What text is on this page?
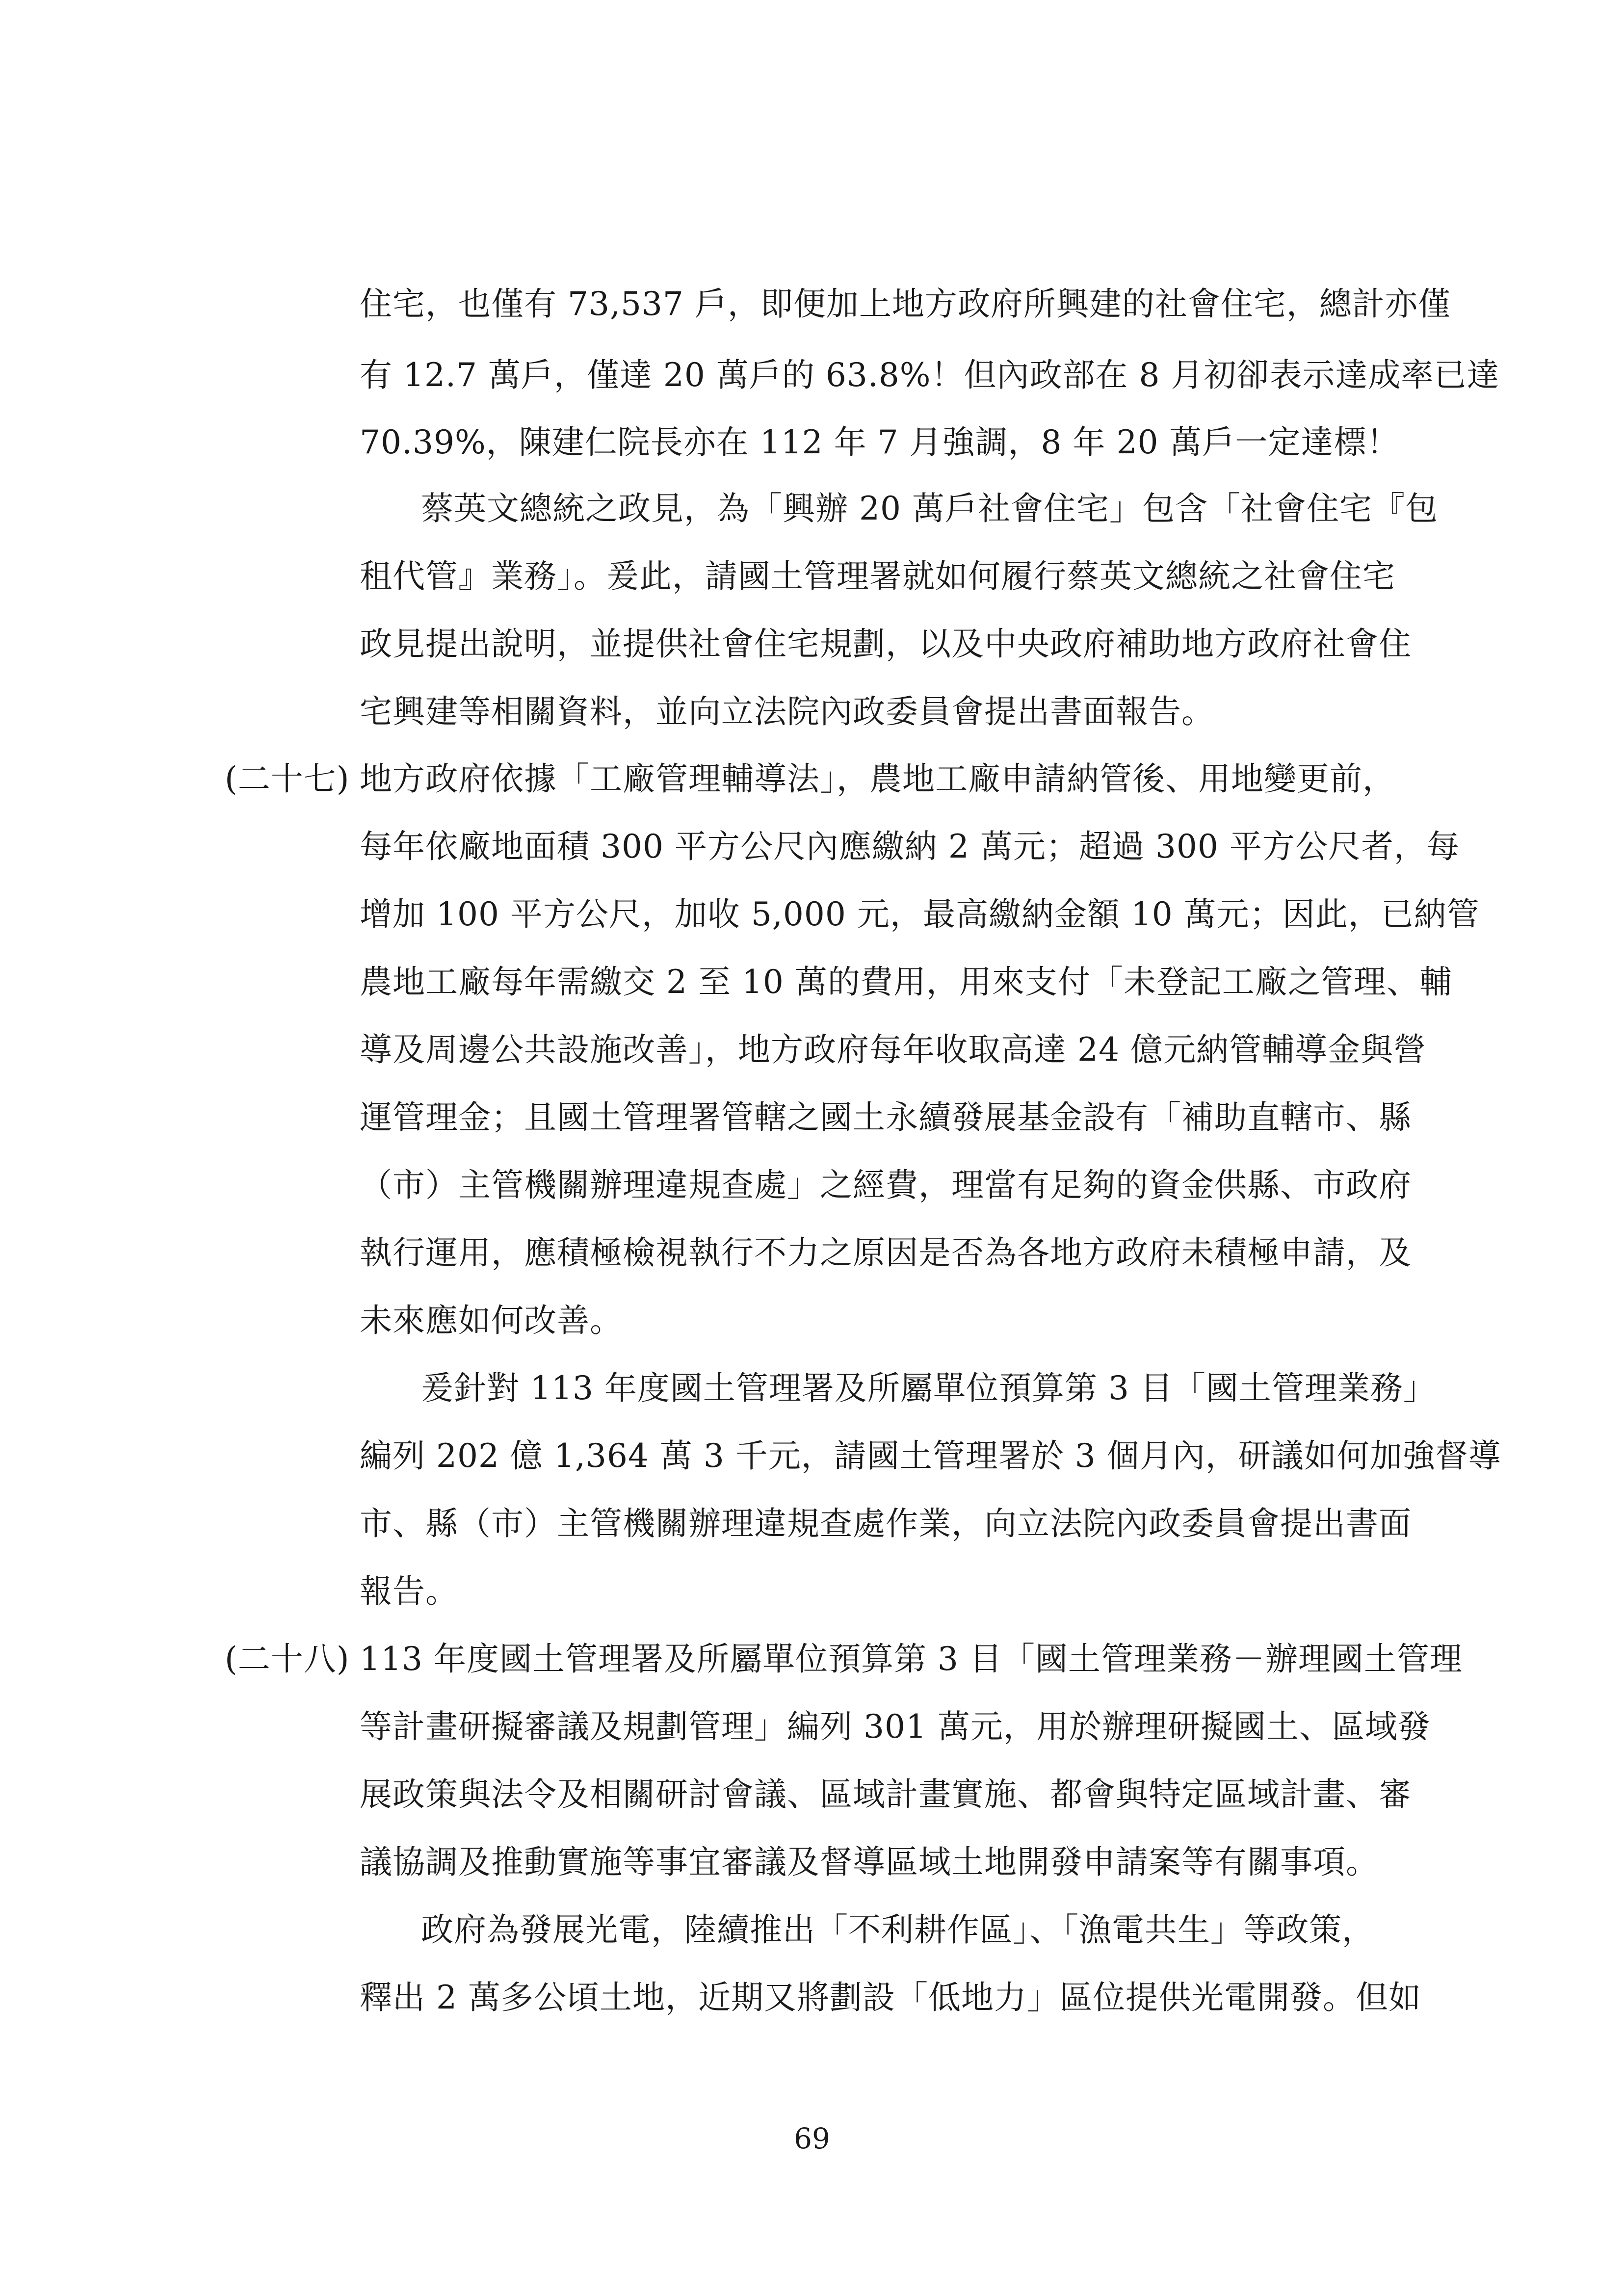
住宅，也僅有 73,537 戶，即便加上地方政府所興建的社會住宅，總計亦僅
有 12.7 萬戶，僅達 20 萬戶的 63.8%！但內政部在 8 月初卻表示達成率已達
70.39%，陳建仁院長亦在 112 年 7 月強調，8 年 20 萬戶一定達標！
蔡英文總統之政見，為「興辦 20 萬戶社會住宅」包含「社會住宅『包
租代管』業務」。爰此，請國土管理署就如何履行蔡英文總統之社會住宅
政見提出說明，並提供社會住宅規劃，以及中央政府補助地方政府社會住
宅興建等相關資料，並向立法院內政委員會提出書面報告。
(二十七) 地方政府依據「工廠管理輔導法」，農地工廠申請納管後、用地變更前，
每年依廠地面積 300 平方公尺內應繳納 2 萬元；超過 300 平方公尺者，每
增加 100 平方公尺，加收 5,000 元，最高繳納金額 10 萬元；因此，已納管
農地工廠每年需繳交 2 至 10 萬的費用，用來支付「未登記工廠之管理、輔
導及周邊公共設施改善」，地方政府每年收取高達 24 億元納管輔導金與營
運管理金；且國土管理署管轄之國土永續發展基金設有「補助直轄市、縣
（市）主管機關辦理違規查處」之經費，理當有足夠的資金供縣、市政府
執行運用，應積極檢視執行不力之原因是否為各地方政府未積極申請，及
未來應如何改善。
爰針對 113 年度國土管理署及所屬單位預算第 3 目「國土管理業務」
編列 202 億 1,364 萬 3 千元，請國土管理署於 3 個月內，研議如何加強督導
市、縣（市）主管機關辦理違規查處作業，向立法院內政委員會提出書面
報告。
(二十八) 113 年度國土管理署及所屬單位預算第 3 目「國土管理業務－辦理國土管理
等計畫研擬審議及規劃管理」編列 301 萬元，用於辦理研擬國土、區域發
展政策與法令及相關研討會議、區域計畫實施、都會與特定區域計畫、審
議協調及推動實施等事宜審議及督導區域土地開發申請案等有關事項。
政府為發展光電，陸續推出「不利耕作區」、「漁電共生」等政策，
釋出 2 萬多公頃土地，近期又將劃設「低地力」區位提供光電開發。但如
69
